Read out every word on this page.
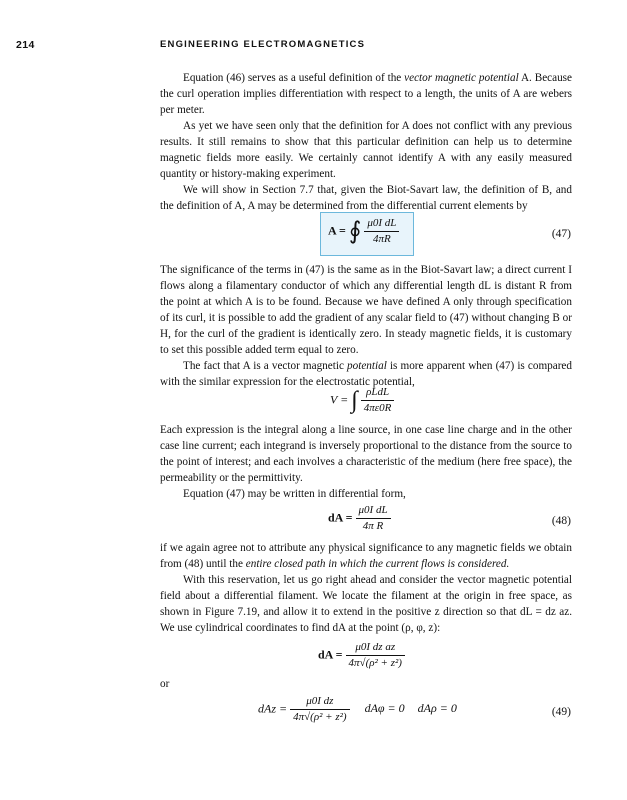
214	ENGINEERING ELECTROMAGNETICS

Equation (46) serves as a useful definition of the vector magnetic potential A. Because the curl operation implies differentiation with respect to a length, the units of A are webers per meter.

As yet we have seen only that the definition for A does not conflict with any previous results. It still remains to show that this particular definition can help us to determine magnetic fields more easily. We certainly cannot identify A with any easily measured quantity or history-making experiment.

We will show in Section 7.7 that, given the Biot-Savart law, the definition of B, and the definition of A, A may be determined from the differential current elements by

A = ∮ $\frac{\text{μ0I dL}}{4\pi R}$	(47)

The significance of the terms in (47) is the same as in the Biot-Savart law; a direct current I flows along a filamentary conductor of which any differential length dL is distant R from the point at which A is to be found. Because we have defined A only through specification of its curl, it is possible to add the gradient of any scalar field to (47) without changing B or H, for the curl of the gradient is identically zero. In steady magnetic fields, it is customary to set this possible added term equal to zero.

The fact that A is a vector magnetic potential is more apparent when (47) is compared with the similar expression for the electrostatic potential,

V = ∫ $\frac{\text{ρLdL}}{4\pi\varepsilon 0R}$

Each expression is the integral along a line source, in one case line charge and in the other case line current; each integrand is inversely proportional to the distance from the source to the point of interest; and each involves a characteristic of the medium (here free space), the permeability or the permittivity.

Equation (47) may be written in differential form,

dA = $\frac{\text{μ0I dL}}{\text{4π R}}$	(48)

if we again agree not to attribute any physical significance to any magnetic fields we obtain from (48) until the entire closed path in which the current flows is considered.

With this reservation, let us go right ahead and consider the vector magnetic potential field about a differential filament. We locate the filament at the origin in free space, as shown in Figure 7.19, and allow it to extend in the positive z direction so that dL = dz az. We use cylindrical coordinates to find dA at the point (ρ, φ, z):

dA = $\frac{\text{μ0I dz az}}{\text{4π√(ρ² + z²)}}$
or
dAz = $\frac{\text{μ0I dz}}{\text{4π√(ρ² + z²)}}$ dAφ = 0 dAρ = 0	(49)
